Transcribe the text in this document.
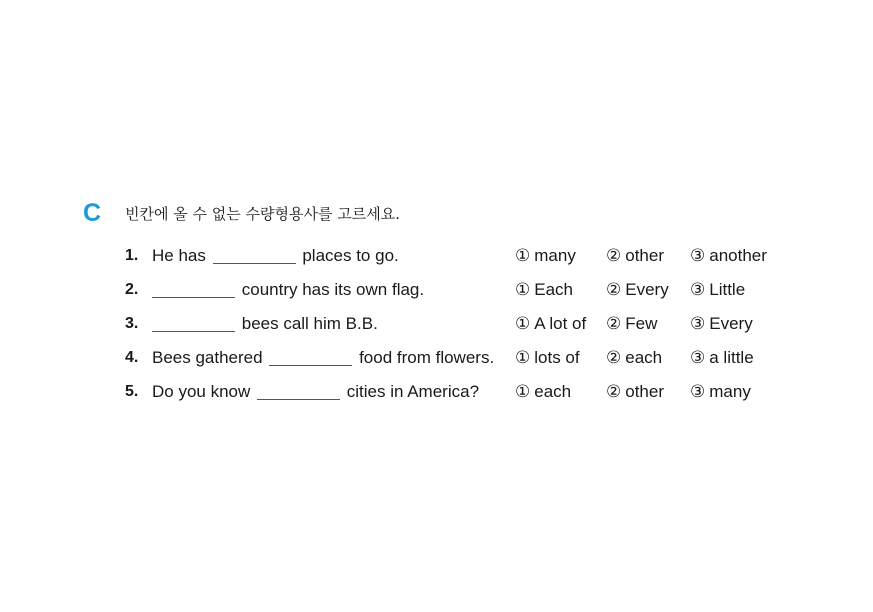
C 빈칸에 올 수 없는 수량형용사를 고르세요.
1. He has	places to go.	① many ② other ③ another
2.	country has its own flag.	① Each ② Every ③ Little
3.	bees call him B.B.	① A lot of ② Few ③ Every
4. Bees gathered	food from flowers. ① lots of ② each ③ a little
5. Do you know	cities in America? ① each ② other ③ many
